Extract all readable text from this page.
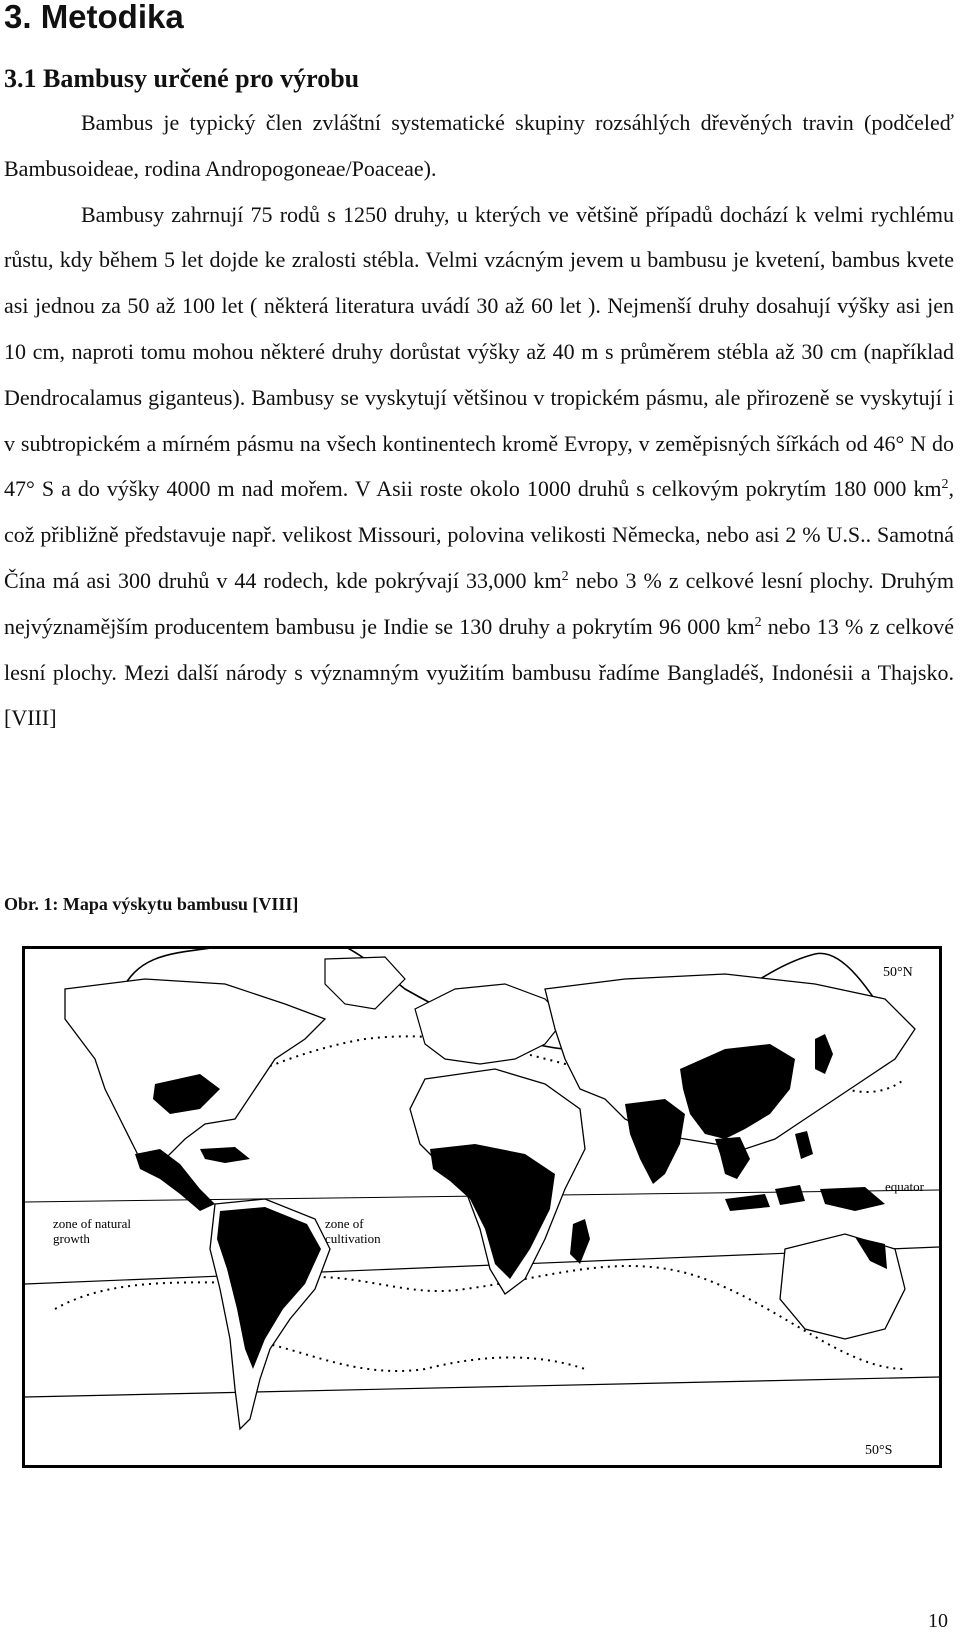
3. Metodika
3.1 Bambusy určené pro výrobu

Bambus je typický člen zvláštní systematické skupiny rozsáhlých dřevěných travin (podčeleď Bambusoideae, rodina Andropogoneae/Poaceae).

Bambusy zahrnují 75 rodů s 1250 druhy, u kterých ve většině případů dochází k velmi rychlému růstu, kdy během 5 let dojde ke zralosti stébla. Velmi vzácným jevem u bambusu je kvetení, bambus kvete asi jednou za 50 až 100 let ( některá literatura uvádí 30 až 60 let ). Nejmenší druhy dosahují výšky asi jen 10 cm, naproti tomu mohou některé druhy dorůstat výšky až 40 m s průměrem stébla až 30 cm (například Dendrocalamus giganteus). Bambusy se vyskytují většinou v tropickém pásmu, ale přirozeně se vyskytují i v subtropickém a mírném pásmu na všech kontinentech kromě Evropy, v zeměpisných šířkách od 46° N do 47° S a do výšky 4000 m nad mořem. V Asii roste okolo 1000 druhů s celkovým pokrytím 180 000 $km^2$, což přibližně představuje např. velikost Missouri, polovina velikosti Německa, nebo asi 2 % U.S.. Samotná Čína má asi 300 druhů v 44 rodech, kde pokrývají 33,000 $km^2$ nebo 3 % z celkové lesní plochy. Druhým nejvýznamějším producentem bambusu je Indie se 130 druhy a pokrytím 96 000 $km^2$ nebo 13 % z celkové lesní plochy. Mezi další národy s významným využitím bambusu řadíme Bangladéš, Indonésii a Thajsko. [VIII]

Obr. 1: Mapa výskytu bambusu [VIII]

50°N
50°S
equator
zone of natural
growth
zone of
cultivation

10
